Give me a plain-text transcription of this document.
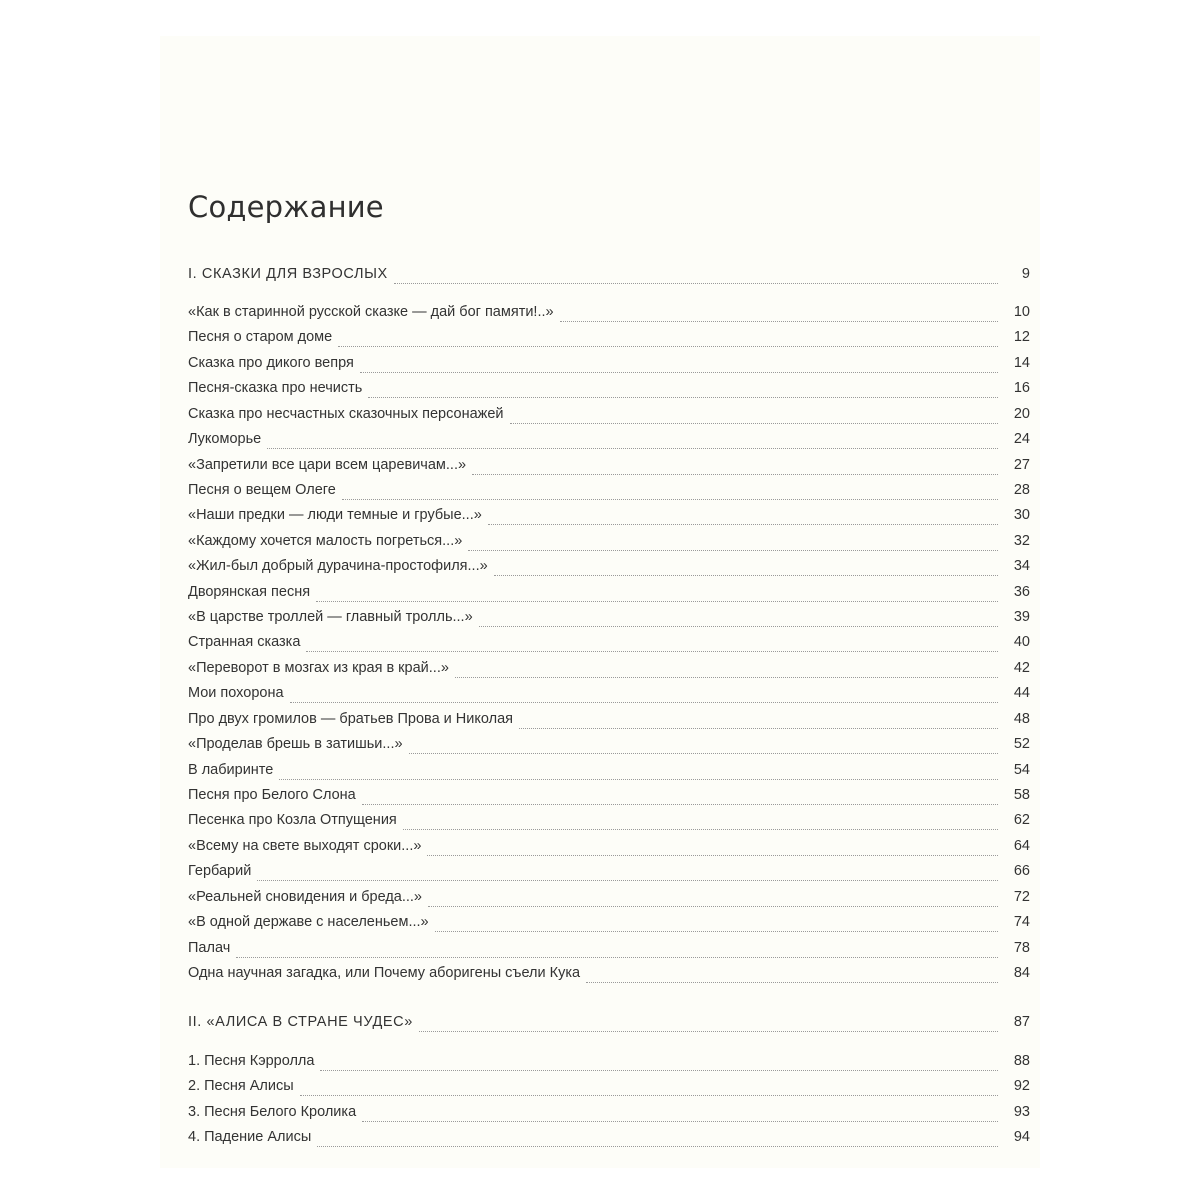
Содержание
I. СКАЗКИ ДЛЯ ВЗРОСЛЫХ	9
«Как в старинной русской сказке — дай бог памяти!..»	10
Песня о старом доме	12
Сказка про дикого вепря	14
Песня-сказка про нечисть	16
Сказка про несчастных сказочных персонажей	20
Лукоморье	24
«Запретили все цари всем царевичам...»	27
Песня о вещем Олеге	28
«Наши предки — люди темные и грубые...»	30
«Каждому хочется малость погреться...»	32
«Жил-был добрый дурачина-простофиля...»	34
Дворянская песня	36
«В царстве троллей — главный тролль...»	39
Странная сказка	40
«Переворот в мозгах из края в край...»	42
Мои похорона	44
Про двух громилов — братьев Прова и Николая	48
«Проделав брешь в затишьи...»	52
В лабиринте	54
Песня про Белого Слона	58
Песенка про Козла Отпущения	62
«Всему на свете выходят сроки...»	64
Гербарий	66
«Реальней сновидения и бреда...»	72
«В одной державе с населеньем...»	74
Палач	78
Одна научная загадка, или Почему аборигены съели Кука	84
II. «АЛИСА В СТРАНЕ ЧУДЕС»	87
1. Песня Кэрролла	88
2. Песня Алисы	92
3. Песня Белого Кролика	93
4. Падение Алисы	94
